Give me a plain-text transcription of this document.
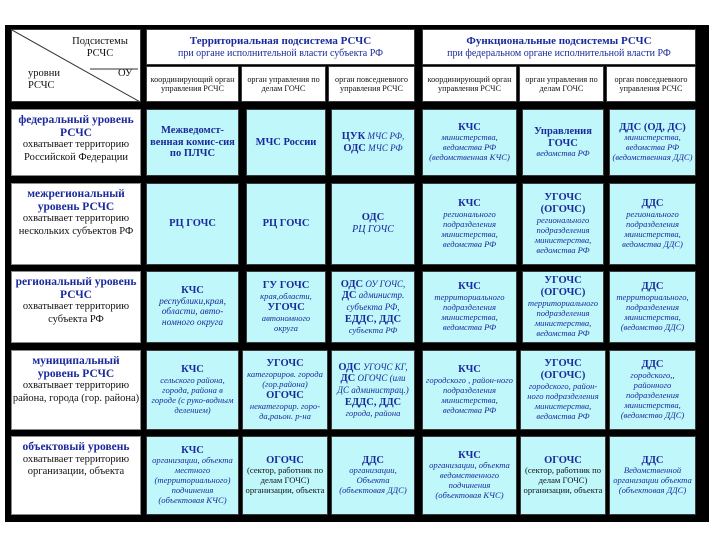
Подсистемы
РСЧС
уровни
РСЧС
ОУ
Территориальная подсистема РСЧС
при органе исполнительной власти субъекта РФ
Функциональные подсистемы РСЧС
при федеральном органе исполнительной власти РФ
координирующий орган управления РСЧС
орган управления по делам ГОЧС
орган повседневного управления РСЧС
координирующий орган управления РСЧС
орган управления по делам ГОЧС
орган повседневного управления РСЧС
федеральный уровень РСЧС
охватывает территорию Российской Федерации
межрегиональный уровень РСЧС
охватывает территорию нескольких субъектов РФ
региональный уровень РСЧС
охватывает территорию субъекта РФ
муниципальный уровень РСЧС
охватывает территорию района, города (гор. района)
объектовый уровень
охватывает территорию организации, объекта
Межведомст-венная комис-сия по ПЛЧС
МЧС России
ЦУК МЧС РФ,
ОДС МЧС РФ
КЧС
министерства, ведомства РФ (ведомственная КЧС)
Управления ГОЧС
ведомства РФ
ДДС (ОД, ДС)
министерства, ведомства РФ (ведомственная ДДС)
РЦ ГОЧС	РЦ ГОЧС
ОДС
РЦ ГОЧС
КЧС
регионального подразделения министерства, ведомства РФ
УГОЧС (ОГОЧС)
регионального подразделения министерства, ведомства РФ
ДДС
регионального подразделения министерства, ведомства ДДС)
КЧС
республики,края, области, авто-номного округа
ГУ ГОЧС
края,области,
УГОЧС
автономного округа
ОДС ОУ ГОЧС,
ДС администр. субъекта РФ,
ЕДДС, ДДС
субъекта РФ
КЧС
территориального подразделения министерства, ведомства РФ
УГОЧС (ОГОЧС)
территориального подразделения министерства, ведомства РФ
ДДС
территориального, подразделения министерства, (ведомство ДДС)
КЧС
сельского района, города, района в городе (с руко-водным делением)
УГОЧС
категориров. города (гор.района)
ОГОЧС
некатегорир. горо-да,раьон. р-на
ОДС УГОЧС КГ,
ДС ОГОЧС (или ДС администрац.)
ЕДДС, ДДС
города, района
КЧС
городского , район-ного подразделения министерства, ведомства РФ
УГОЧС (ОГОЧС)
городского, район-ного подразделения министерства, ведомства РФ
ДДС
городского,, районного подразделения министерства, (ведомство ДДС)
КЧС
организации, объекта местного (территориального) подчинения (объектовая КЧС)
ОГОЧС
(сектор, работник по делам ГОЧС) организации, объекта
ДДС
организации, Объекта (объектовая ДДС)
КЧС
организации, объекта ведомственного подчинения (объектовая КЧС)
ОГОЧС
(сектор, работник по делам ГОЧС) организации, объекта
ДДС
Ведомственной организации объекта (объектовая ДДС)
